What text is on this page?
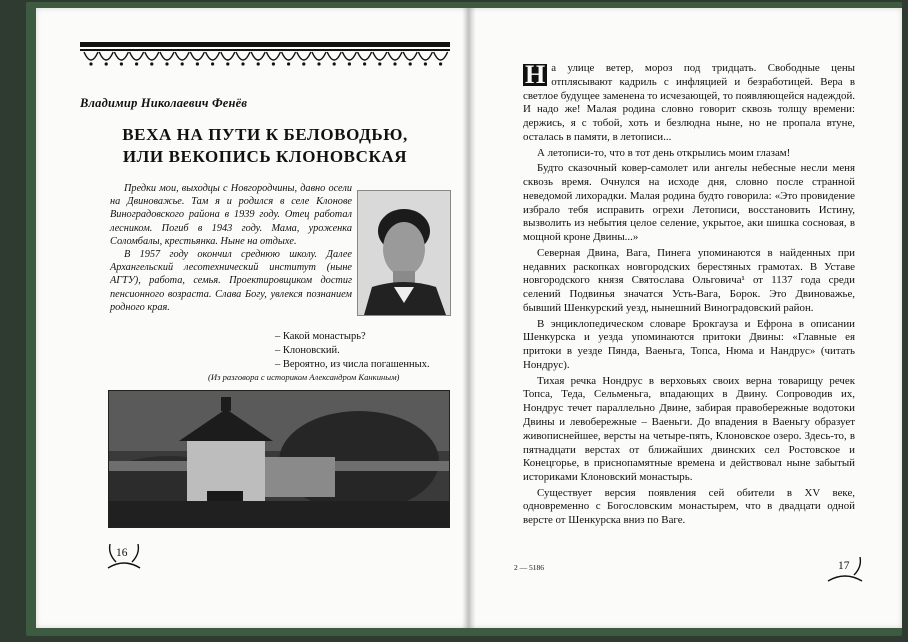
Владимир Николаевич Фенёв
ВЕХА НА ПУТИ К БЕЛОВОДЬЮ,
ИЛИ ВЕКОПИСЬ КЛОНОВСКАЯ

Предки мои, выходцы с Новгородчины, давно осели на Двиноважье. Там я и родился в селе Клонове Виноградовского района в 1939 году. Отец работал лесником. Погиб в 1943 году. Мама, уроженка Соломбалы, крестьянка. Ныне на отдыхе.

В 1957 году окончил среднюю школу. Далее Архангельский лесотехнический институт (ныне АГТУ), работа, семья. Проектировщиком достиг пенсионного возраста. Слава Богу, увлекся познанием родного края.

– Какой монастырь?
– Клоновский.
– Вероятно, из числа погашенных.
(Из разговора с историком Александром Канкиным)
16

Н а улице ветер, мороз под тридцать. Свободные цены отплясывают кадриль с инфляцией и безработицей. Вера в светлое будущее заменена то исчезающей, то появляющейся надеждой. И надо же! Малая родина словно говорит сквозь толщу времени: держись, я с тобой, хоть и безлюдна ныне, но не пропала втуне, осталась в памяти, в летописи...

А летописи-то, что в тот день открылись моим глазам!

Будто сказочный ковер-самолет или ангелы небесные несли меня сквозь время. Очнулся на исходе дня, словно после странной неведомой лихорадки. Малая родина будто говорила: «Это провидение избрало тебя исправить огрехи Летописи, восстановить Истину, вызволить из небытия целое селение, укрытое, аки шишка сосновая, в мощной кроне Двины...»

Северная Двина, Вага, Пинега упоминаются в найденных при недавних раскопках новгородских берестяных грамотах. В Уставе новгородского князя Святослава Ольговича¹ от 1137 года среди селений Подвинья значатся Усть-Вага, Борок. Это Двиноважье, бывший Шенкурский уезд, нынешний Виноградовский район.

В энциклопедическом словаре Брокгауза и Ефрона в описании Шенкурска и уезда упоминаются притоки Двины: «Главные ея притоки в уезде Пянда, Ваеньга, Топса, Нюма и Нандрус» (читать Нондрус).

Тихая речка Нондрус в верховьях своих верна товарищу речек Топса, Теда, Сельменьга, впадающих в Двину. Сопроводив их, Нондрус течет параллельно Двине, забирая правобережные водотоки Двины и левобережные – Ваеньги. До впадения в Ваеньгу образует живописнейшее, версты на четыре-пять, Клоновское озеро. Здесь-то, в пятнадцати верстах от ближайших двинских сел Ростовское и Конецгорье, в приснопамятные времена и действовал ныне забытый историками Клоновский монастырь.

Существует версия появления сей обители в XV веке, одновременно с Богословским монастырем, что в двадцати одной версте от Шенкурска вниз по Ваге.

2 — 5186	17
